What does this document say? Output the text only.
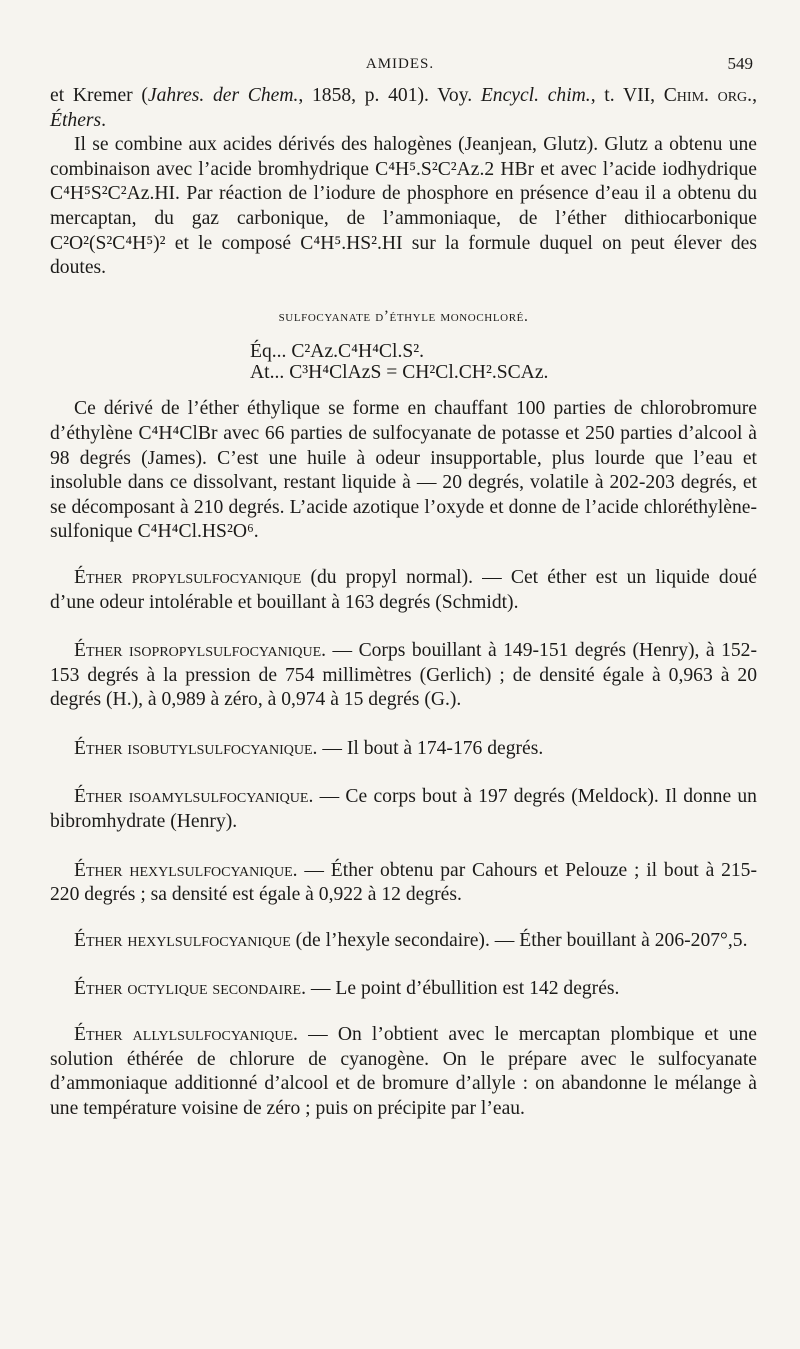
AMIDES.	549

et Kremer (Jahres. der Chem., 1858, p. 401). Voy. Encycl. chim., t. VII, Chim. org., Éthers.

Il se combine aux acides dérivés des halogènes (Jeanjean, Glutz). Glutz a obtenu une combinaison avec l’acide bromhydrique C⁴H⁵.S²C²Az.2 HBr et avec l’acide iodhydrique C⁴H⁵S²C²Az.HI. Par réaction de l’iodure de phosphore en présence d’eau il a obtenu du mercaptan, du gaz carbonique, de l’ammoniaque, de l’éther dithiocarbonique C²O²(S²C⁴H⁵)² et le composé C⁴H⁵.HS².HI sur la formule duquel on peut élever des doutes.

sulfocyanate d’éthyle monochloré.

Éq... C²Az.C⁴H⁴Cl.S².
At... C³H⁴ClAzS = CH²Cl.CH².SCAz.

Ce dérivé de l’éther éthylique se forme en chauffant 100 parties de chlorobromure d’éthylène C⁴H⁴ClBr avec 66 parties de sulfocyanate de potasse et 250 parties d’alcool à 98 degrés (James). C’est une huile à odeur insupportable, plus lourde que l’eau et insoluble dans ce dissolvant, restant liquide à — 20 degrés, volatile à 202-203 degrés, et se décomposant à 210 degrés. L’acide azotique l’oxyde et donne de l’acide chloréthylène-sulfonique C⁴H⁴Cl.HS²O⁶.

Éther propylsulfocyanique (du propyl normal). — Cet éther est un liquide doué d’une odeur intolérable et bouillant à 163 degrés (Schmidt).

Éther isopropylsulfocyanique. — Corps bouillant à 149-151 degrés (Henry), à 152-153 degrés à la pression de 754 millimètres (Gerlich) ; de densité égale à 0,963 à 20 degrés (H.), à 0,989 à zéro, à 0,974 à 15 degrés (G.).

Éther isobutylsulfocyanique. — Il bout à 174-176 degrés.

Éther isoamylsulfocyanique. — Ce corps bout à 197 degrés (Meldock). Il donne un bibromhydrate (Henry).

Éther hexylsulfocyanique. — Éther obtenu par Cahours et Pelouze ; il bout à 215-220 degrés ; sa densité est égale à 0,922 à 12 degrés.

Éther hexylsulfocyanique (de l’hexyle secondaire). — Éther bouillant à 206-207°,5.

Éther octylique secondaire. — Le point d’ébullition est 142 degrés.

Éther allylsulfocyanique. — On l’obtient avec le mercaptan plombique et une solution éthérée de chlorure de cyanogène. On le prépare avec le sulfocyanate d’ammoniaque additionné d’alcool et de bromure d’allyle : on abandonne le mélange à une température voisine de zéro ; puis on précipite par l’eau.
